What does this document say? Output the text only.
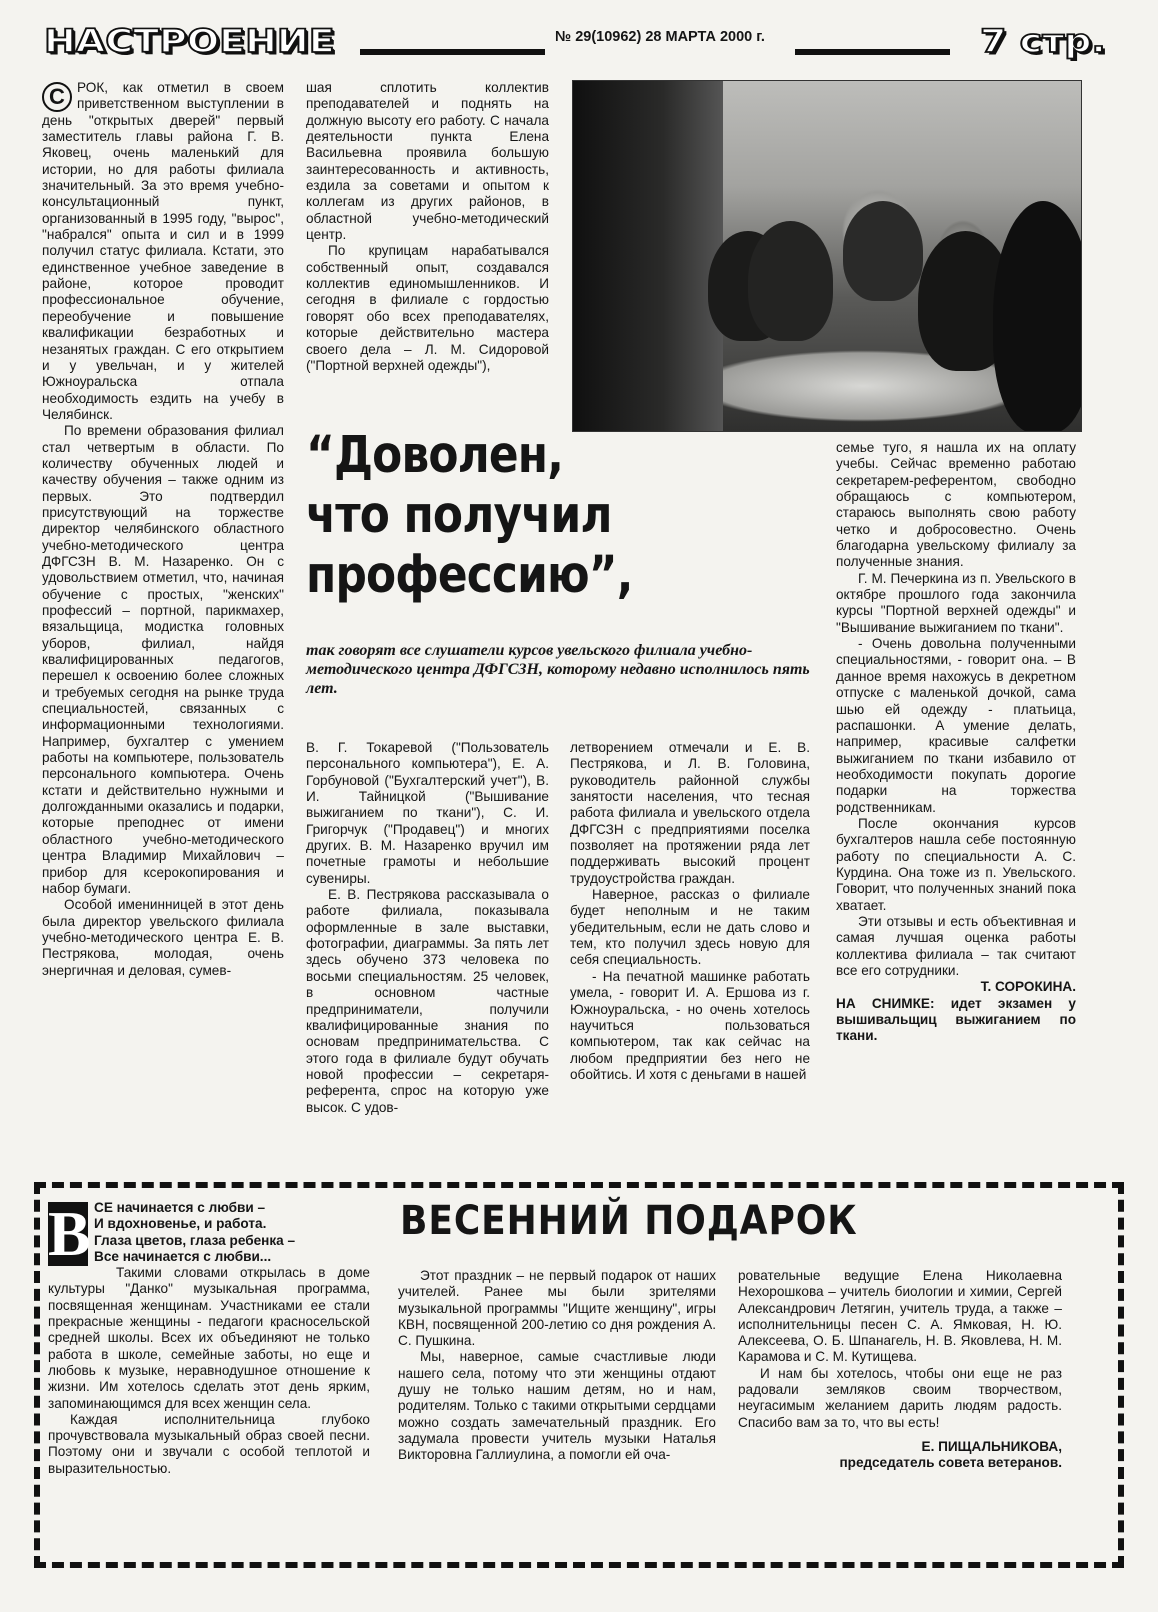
НАСТРОЕНИЕ	№ 29(10962) 28 МАРТА 2000 г.	7 стр.

С РОК, как отметил в своем приветственном выступлении в день "открытых дверей" первый заместитель главы района Г. В. Яковец, очень маленький для истории, но для работы филиала значительный. За это время учебно-консультационный пункт, организованный в 1995 году, "вырос", "набрался" опыта и сил и в 1999 получил статус филиала. Кстати, это единственное учебное заведение в районе, которое проводит профессиональное обучение, переобучение и повышение квалификации безработных и незанятых граждан. С его открытием и у увельчан, и у жителей Южноуральска отпала необходимость ездить на учебу в Челябинск.

По времени образования филиал стал четвертым в области. По количеству обученных людей и качеству обучения – также одним из первых. Это подтвердил присутствующий на торжестве директор челябинского областного учебно-методического центра ДФГСЗН В. М. Назаренко. Он с удовольствием отметил, что, начиная обучение с простых, "женских" профессий – портной, парикмахер, вязальщица, модистка головных уборов, филиал, найдя квалифицированных педагогов, перешел к освоению более сложных и требуемых сегодня на рынке труда специальностей, связанных с информационными технологиями. Например, бухгалтер с умением работы на компьютере, пользователь персонального компьютера. Очень кстати и действительно нужными и долгожданными оказались и подарки, которые преподнес от имени областного учебно-методического центра Владимир Михайлович – прибор для ксерокопирования и набор бумаги.

Особой именинницей в этот день была директор увельского филиала учебно-методического центра Е. В. Пестрякова, молодая, очень энергичная и деловая, сумев-

шая сплотить коллектив преподавателей и поднять на должную высоту его работу. С начала деятельности пункта Елена Васильевна проявила большую заинтересованность и активность, ездила за советами и опытом к коллегам из других районов, в областной учебно-методический центр.

По крупицам нарабатывался собственный опыт, создавался коллектив единомышленников. И сегодня в филиале с гордостью говорят обо всех преподавателях, которые действительно мастера своего дела – Л. М. Сидоровой ("Портной верхней одежды"),

“Доволен,
что получил
профессию”,
так говорят все слушатели курсов увельского филиала учебно-методического центра ДФГСЗН, которому недавно исполнилось пять лет.

В. Г. Токаревой ("Пользователь персонального компьютера"), Е. А. Горбуновой ("Бухгалтерский учет"), В. И. Тайницкой ("Вышивание выжиганием по ткани"), С. И. Григорчук ("Продавец") и многих других. В. М. Назаренко вручил им почетные грамоты и небольшие сувениры.

Е. В. Пестрякова рассказывала о работе филиала, показывала оформленные в зале выставки, фотографии, диаграммы. За пять лет здесь обучено 373 человека по восьми специальностям. 25 человек, в основном частные предприниматели, получили квалифицированные знания по основам предпринимательства. С этого года в филиале будут обучать новой профессии – секретаря-референта, спрос на которую уже высок. С удов-

летворением отмечали и Е. В. Пестрякова, и Л. В. Головина, руководитель районной службы занятости населения, что тесная работа филиала и увельского отдела ДФГСЗН с предприятиями поселка позволяет на протяжении ряда лет поддерживать высокий процент трудоустройства граждан.

Наверное, рассказ о филиале будет неполным и не таким убедительным, если не дать слово и тем, кто получил здесь новую для себя специальность.

- На печатной машинке работать умела, - говорит И. А. Ершова из г. Южноуральска, - но очень хотелось научиться пользоваться компьютером, так как сейчас на любом предприятии без него не обойтись. И хотя с деньгами в нашей

семье туго, я нашла их на оплату учебы. Сейчас временно работаю секретарем-референтом, свободно обращаюсь с компьютером, стараюсь выполнять свою работу четко и добросовестно. Очень благодарна увельскому филиалу за полученные знания.

Г. М. Печеркина из п. Увельского в октябре прошлого года закончила курсы "Портной верхней одежды" и "Вышивание выжиганием по ткани".

- Очень довольна полученными специальностями, - говорит она. – В данное время нахожусь в декретном отпуске с маленькой дочкой, сама шью ей одежду - платьица, распашонки. А умение делать, например, красивые салфетки выжиганием по ткани избавило от необходимости покупать дорогие подарки на торжества родственникам.

После окончания курсов бухгалтеров нашла себе постоянную работу по специальности А. С. Курдина. Она тоже из п. Увельского. Говорит, что полученных знаний пока хватает.

Эти отзывы и есть объективная и самая лучшая оценка работы коллектива филиала – так считают все его сотрудники.

Т. СОРОКИНА.

НА СНИМКЕ: идет экзамен у вышивальщиц выжиганием по ткани.

ВЕСЕННИЙ ПОДАРОК
В СЕ начинается с любви –
И вдохновенье, и работа.
Глаза цветов, глаза ребенка –
Все начинается с любви...

Такими словами открылась в доме культуры "Данко" музыкальная программа, посвященная женщинам. Участниками ее стали прекрасные женщины - педагоги красносельской средней школы. Всех их объединяют не только работа в школе, семейные заботы, но еще и любовь к музыке, неравнодушное отношение к жизни. Им хотелось сделать этот день ярким, запоминающимся для всех женщин села.

Каждая исполнительница глубоко прочувствовала музыкальный образ своей песни. Поэтому они и звучали с особой теплотой и выразительностью.

Этот праздник – не первый подарок от наших учителей. Ранее мы были зрителями музыкальной программы "Ищите женщину", игры КВН, посвященной 200-летию со дня рождения А. С. Пушкина.

Мы, наверное, самые счастливые люди нашего села, потому что эти женщины отдают душу не только нашим детям, но и нам, родителям. Только с такими открытыми сердцами можно создать замечательный праздник. Его задумала провести учитель музыки Наталья Викторовна Галлиулина, а помогли ей оча-

ровательные ведущие Елена Николаевна Нехорошкова – учитель биологии и химии, Сергей Александрович Летягин, учитель труда, а также – исполнительницы песен С. А. Ямковая, Н. Ю. Алексеева, О. Б. Шпанагель, Н. В. Яковлева, Н. М. Карамова и С. М. Кутищева.

И нам бы хотелось, чтобы они еще не раз радовали земляков своим творчеством, неугасимым желанием дарить людям радость. Спасибо вам за то, что вы есть!

Е. ПИЩАЛЬНИКОВА,

председатель совета ветеранов.
